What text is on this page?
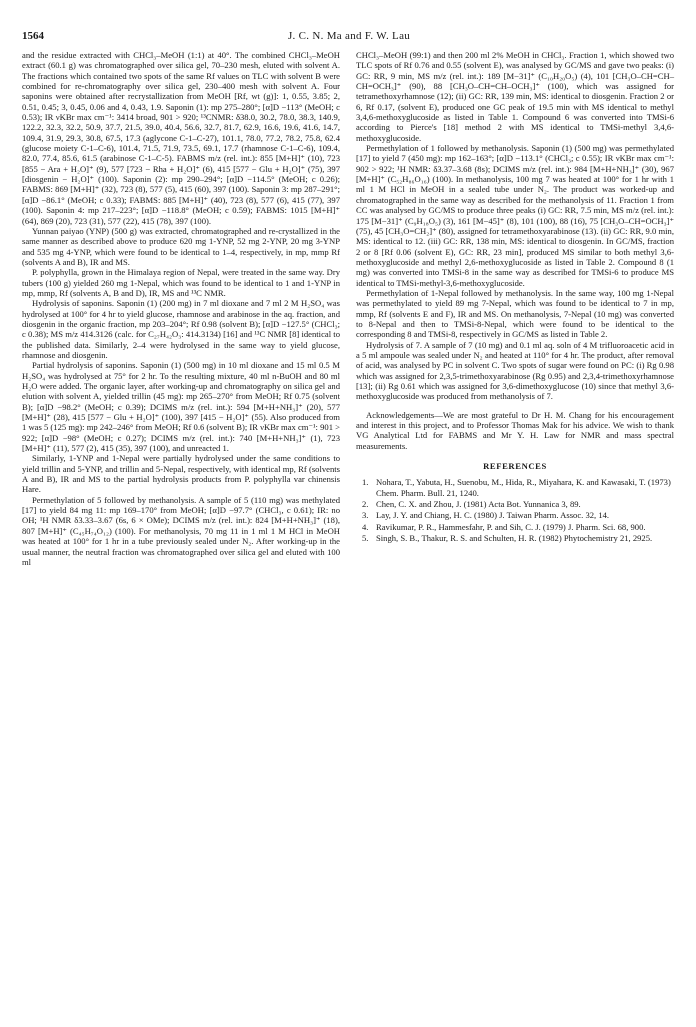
1564	J. C. N. Ma and F. W. Lau

and the residue extracted with CHCl₃–MeOH (1:1) at 40°. The combined CHCl₃–MeOH extract (60.1 g) was chromatographed over silica gel, 70–230 mesh, eluted with solvent A. The fractions which contained two spots of the same Rf values on TLC with solvent B were combined for re-chromatography over silica gel, 230–400 mesh with solvent A. Four saponins were obtained after recrystallization from MeOH [Rf, wt (g)]: 1, 0.55, 3.85; 2, 0.51, 0.45; 3, 0.45, 0.06 and 4, 0.43, 1.9. Saponin (1): mp 275–280°; [α]D −113° (MeOH; c 0.53); IR νKBr max cm⁻¹: 3414 broad, 901 > 920; ¹³CNMR: δ38.0, 30.2, 78.0, 38.3, 140.9, 122.2, 32.3, 32.2, 50.9, 37.7, 21.5, 39.0, 40.4, 56.6, 32.7, 81.7, 62.9, 16.6, 19.6, 41.6, 14.7, 109.4, 31.9, 29.3, 30.8, 67.5, 17.3 (aglycone C-1–C-27), 101.1, 78.0, 77.2, 78.2, 75.8, 62.4 (glucose moiety C-1–C-6), 101.4, 71.5, 71.9, 73.5, 69.1, 17.7 (rhamnose C-1–C-6), 109.4, 82.0, 77.4, 85.6, 61.5 (arabinose C-1–C-5). FABMS m/z (rel. int.): 855 [M+H]⁺ (10), 723 [855 − Ara + H₂O]⁺ (9), 577 [723 − Rha + H₂O]⁺ (6), 415 [577 − Glu + H₂O]⁺ (75), 397 [diosgenin − H₂O]⁺ (100). Saponin (2): mp 290–294°; [α]D −114.5° (MeOH; c 0.26); FABMS: 869 [M+H]⁺ (32), 723 (8), 577 (5), 415 (60), 397 (100). Saponin 3: mp 287–291°; [α]D −86.1° (MeOH; c 0.33); FABMS: 885 [M+H]⁺ (40), 723 (8), 577 (6), 415 (77), 397 (100). Saponin 4: mp 217–223°; [α]D −118.8° (MeOH; c 0.59); FABMS: 1015 [M+H]⁺ (64), 869 (20), 723 (31), 577 (22), 415 (78), 397 (100).

Yunnan paiyao (YNP) (500 g) was extracted, chromatographed and re-crystallized in the same manner as described above to produce 620 mg 1-YNP, 52 mg 2-YNP, 20 mg 3-YNP and 535 mg 4-YNP, which were found to be identical to 1–4, respectively, in mp, mmp Rf (solvents A and B), IR and MS.

P. polyphylla, grown in the Himalaya region of Nepal, were treated in the same way. Dry tubers (100 g) yielded 260 mg 1-Nepal, which was found to be identical to 1 and 1-YNP in mp, mmp, Rf (solvents A, B and D), IR, MS and ¹³C NMR.

Hydrolysis of saponins. Saponin (1) (200 mg) in 7 ml dioxane and 7 ml 2 M H₂SO₄ was hydrolysed at 100° for 4 hr to yield glucose, rhamnose and arabinose in the aq. fraction, and diosgenin in the organic fraction, mp 203–204°; Rf 0.98 (solvent B); [α]D −127.5° (CHCl₃; c 0.38); MS m/z 414.3126 (calc. for C₂₇H₄₂O₃: 414.3134) [16] and ¹³C NMR [8] identical to the published data. Similarly, 2–4 were hydrolysed in the same way to yield glucose, rhamnose and diosgenin.

Partial hydrolysis of saponins. Saponin (1) (500 mg) in 10 ml dioxane and 15 ml 0.5 M H₂SO₄ was hydrolysed at 75° for 2 hr. To the resulting mixture, 40 ml n-BuOH and 80 ml H₂O were added. The organic layer, after working-up and chromatography on silica gel and elution with solvent A, yielded trillin (45 mg): mp 265–270° from MeOH; Rf 0.75 (solvent B); [α]D −98.2° (MeOH; c 0.39); DCIMS m/z (rel. int.): 594 [M+H+NH₃]⁺ (20), 577 [M+H]⁺ (28), 415 [577 − Glu + H₂O]⁺ (100), 397 [415 − H₂O]⁺ (55). Also produced from 1 was 5 (125 mg): mp 242–246° from MeOH; Rf 0.6 (solvent B); IR νKBr max cm⁻¹: 901 > 922; [α]D −98° (MeOH; c 0.27); DCIMS m/z (rel. int.): 740 [M+H+NH₃]⁺ (1), 723 [M+H]⁺ (11), 577 (2), 415 (35), 397 (100), and unreacted 1.

Similarly, 1-YNP and 1-Nepal were partially hydrolysed under the same conditions to yield trillin and 5-YNP, and trillin and 5-Nepal, respectively, with identical mp, Rf (solvents A and B), IR and MS to the partial hydrolysis products from P. polyphylla var chinensis Hare.

Permethylation of 5 followed by methanolysis. A sample of 5 (110 mg) was methylated [17] to yield 84 mg 11: mp 169–170° from MeOH; [α]D −97.7° (CHCl₃, c 0.61); IR: no OH; ¹H NMR δ3.33–3.67 (6s, 6 × OMe); DCIMS m/z (rel. int.): 824 [M+H+NH₃]⁺ (18), 807 [M+H]⁺ (C₄₅H₇₄O₁₂) (100). For methanolysis, 70 mg 11 in 1 ml 1 M HCl in MeOH was heated at 100° for 1 hr in a tube previously sealed under N₂. After working-up in the usual manner, the neutral fraction was chromatographed over silica gel and eluted with 100 ml

CHCl₃–MeOH (99:1) and then 200 ml 2% MeOH in CHCl₃. Fraction 1, which showed two TLC spots of Rf 0.76 and 0.55 (solvent E), was analysed by GC/MS and gave two peaks: (i) GC: RR, 9 min, MS m/z (rel. int.): 189 [M−31]⁺ (C₁₀H₂₀O₅) (4), 101 [CH₃O–CH=CH–CH=OCH₃]⁺ (90), 88 [CH₃O–CH=CH–OCH₃]⁺ (100), which was assigned for tetramethoxyrhamnose (12); (ii) GC: RR, 139 min, MS: identical to diosgenin. Fraction 2 or 6, Rf 0.17, (solvent E), produced one GC peak of 19.5 min with MS identical to methyl 3,4,6-methoxyglucoside as listed in Table 1. Compound 6 was converted into TMSi-6 according to Pierce's [18] method 2 with MS identical to TMSi-methyl 3,4,6-methoxyglucoside.

Permethylation of 1 followed by methanolysis. Saponin (1) (500 mg) was permethylated [17] to yield 7 (450 mg): mp 162–163°; [α]D −113.1° (CHCl₃; c 0.55); IR νKBr max cm⁻¹: 902 > 922; ¹H NMR: δ3.37–3.68 (8s); DCIMS m/z (rel. int.): 984 [M+H+NH₃]⁺ (30), 967 [M+H]⁺ (C₅₂H₈₆O₁₆) (100). In methanolysis, 100 mg 7 was heated at 100° for 1 hr with 1 ml 1 M HCl in MeOH in a sealed tube under N₂. The product was worked-up and chromatographed in the same way as described for the methanolysis of 11. Fraction 1 from CC was analysed by GC/MS to produce three peaks (i) GC: RR, 7.5 min, MS m/z (rel. int.): 175 [M−31]⁺ (C₉H₁₈O₅) (3), 161 [M−45]⁺ (8), 101 (100), 88 (16), 75 [CH₃O–CH=OCH₃]⁺ (75), 45 [CH₃O=CH₂]⁺ (80), assigned for tetramethoxyarabinose (13). (ii) GC: RR, 9.0 min, MS: identical to 12. (iii) GC: RR, 138 min, MS: identical to diosgenin. In GC/MS, fraction 2 or 8 [Rf 0.06 (solvent E), GC: RR, 23 min], produced MS similar to both methyl 3,6-methoxyglucoside and methyl 2,6-methoxyglucoside as listed in Table 2. Compound 8 (1 mg) was converted into TMSi-8 in the same way as described for TMSi-6 to produce MS identical to TMSi-methyl-3,6-methoxyglucoside.

Permethylation of 1-Nepal followed by methanolysis. In the same way, 100 mg 1-Nepal was permethylated to yield 89 mg 7-Nepal, which was found to be identical to 7 in mp, mmp, Rf (solvents E and F), IR and MS. On methanolysis, 7-Nepal (10 mg) was converted to 8-Nepal and then to TMSi-8-Nepal, which were found to be identical to the corresponding 8 and TMSi-8, respectively in GC/MS as listed in Table 2.

Hydrolysis of 7. A sample of 7 (10 mg) and 0.1 ml aq. soln of 4 M trifluoroacetic acid in a 5 ml ampoule was sealed under N₂ and heated at 110° for 4 hr. The product, after removal of acid, was analysed by PC in solvent C. Two spots of sugar were found on PC: (i) Rg 0.98 which was assigned for 2,3,5-trimethoxyarabinose (Rg 0.95) and 2,3,4-trimethoxyrhamnose [13]; (ii) Rg 0.61 which was assigned for 3,6-dimethoxyglucose (10) since that methyl 3,6-methoxyglucoside was produced from methanolysis of 7.

Acknowledgements—We are most grateful to Dr H. M. Chang for his encouragement and interest in this project, and to Professor Thomas Mak for his advice. We wish to thank VG Analytical Ltd for FABMS and Mr Y. H. Law for NMR and mass spectral measurements.

REFERENCES
1. Nohara, T., Yabuta, H., Suenobu, M., Hida, R., Miyahara, K. and Kawasaki, T. (1973) Chem. Pharm. Bull. 21, 1240.
2. Chen, C. X. and Zhou, J. (1981) Acta Bot. Yunnanica 3, 89.
3. Lay, J. Y. and Chiang, H. C. (1980) J. Taiwan Pharm. Assoc. 32, 14.
4. Ravikumar, P. R., Hammesfahr, P. and Sih, C. J. (1979) J. Pharm. Sci. 68, 900.
5. Singh, S. B., Thakur, R. S. and Schulten, H. R. (1982) Phytochemistry 21, 2925.
